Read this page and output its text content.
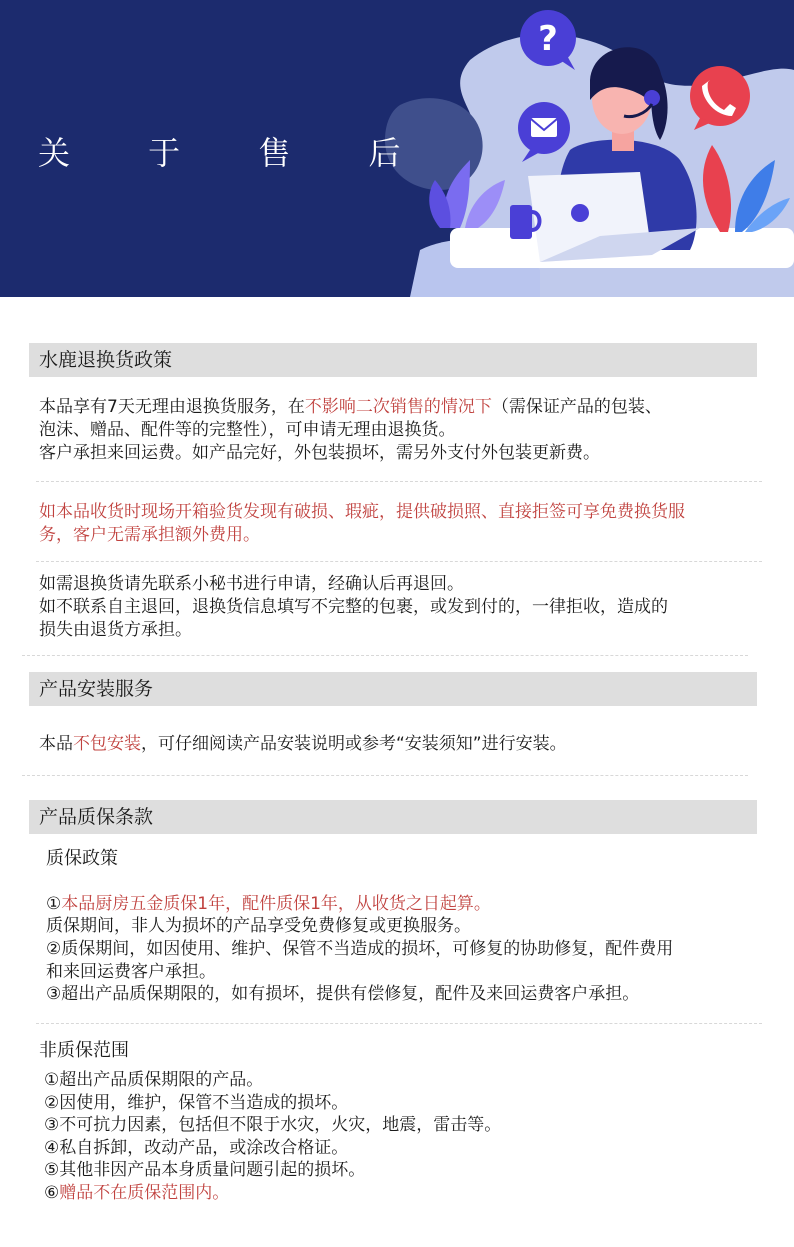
?
关 于 售 后
水鹿退换货政策

本品享有7天无理由退换货服务，在不影响二次销售的情况下（需保证产品的包装、

泡沫、赠品、配件等的完整性），可申请无理由退换货。

客户承担来回运费。如产品完好，外包装损坏，需另外支付外包装更新费。

如本品收货时现场开箱验货发现有破损、瑕疵，提供破损照、直接拒签可享免费换货服

务，客户无需承担额外费用。

如需退换货请先联系小秘书进行申请，经确认后再退回。

如不联系自主退回，退换货信息填写不完整的包裹，或发到付的，一律拒收，造成的

损失由退货方承担。

产品安装服务

本品不包安装，可仔细阅读产品安装说明或参考“安装须知”进行安装。

产品质保条款

质保政策

①本品厨房五金质保1年，配件质保1年，从收货之日起算。

质保期间，非人为损坏的产品享受免费修复或更换服务。

②质保期间，如因使用、维护、保管不当造成的损坏，可修复的协助修复，配件费用

和来回运费客户承担。

③超出产品质保期限的，如有损坏，提供有偿修复，配件及来回运费客户承担。

非质保范围

①超出产品质保期限的产品。

②因使用，维护，保管不当造成的损坏。

③不可抗力因素，包括但不限于水灾，火灾，地震，雷击等。

④私自拆卸，改动产品，或涂改合格证。

⑤其他非因产品本身质量问题引起的损坏。

⑥赠品不在质保范围内。
